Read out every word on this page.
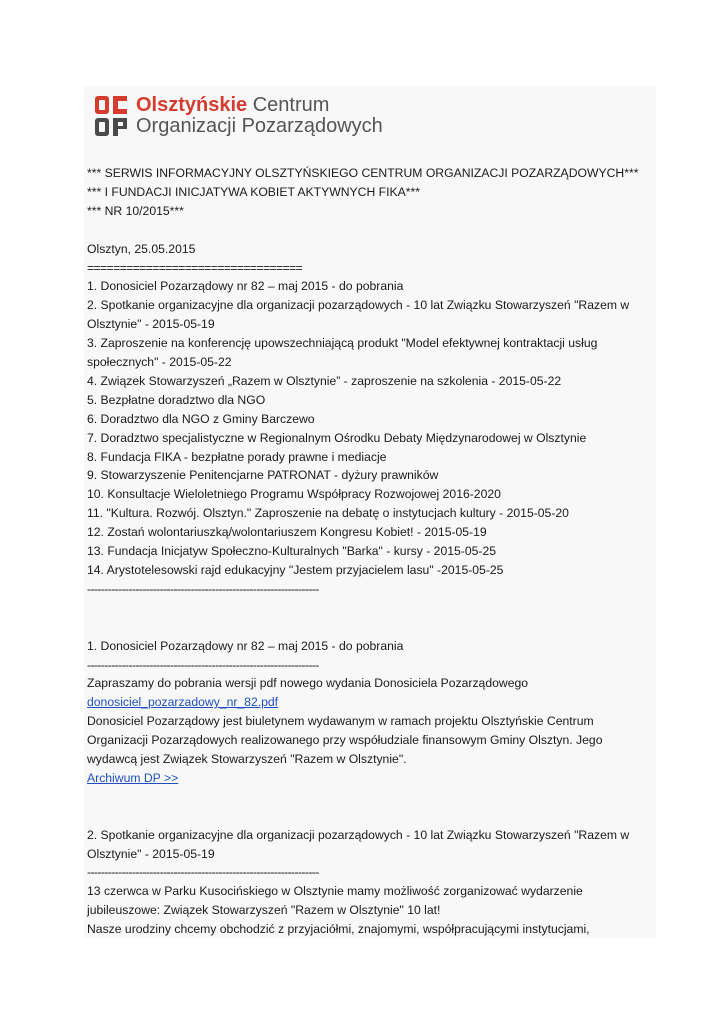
Olsztyńskie Centrum
Organizacji Pozarządowych

*** SERWIS INFORMACYJNY OLSZTYŃSKIEGO CENTRUM ORGANIZACJI POZARZĄDOWYCH***

*** I FUNDACJI INICJATYWA KOBIET AKTYWNYCH FIKA***

*** NR 10/2015***

Olsztyn, 25.05.2015

=================================

1. Donosiciel Pozarządowy nr 82 – maj 2015 - do pobrania

2. Spotkanie organizacyjne dla organizacji pozarządowych - 10 lat Związku Stowarzyszeń "Razem w Olsztynie" - 2015-05-19

3. Zaproszenie na konferencję upowszechniającą produkt "Model efektywnej kontraktacji usług społecznych" - 2015-05-22

4. Związek Stowarzyszeń „Razem w Olsztynie” - zaproszenie na szkolenia - 2015-05-22

5. Bezpłatne doradztwo dla NGO

6. Doradztwo dla NGO z Gminy Barczewo

7. Doradztwo specjalistyczne w Regionalnym Ośrodku Debaty Międzynarodowej w Olsztynie

8. Fundacja FIKA - bezpłatne porady prawne i mediacje

9. Stowarzyszenie Penitencjarne PATRONAT - dyżury prawników

10. Konsultacje Wieloletniego Programu Współpracy Rozwojowej 2016-2020

11. "Kultura. Rozwój. Olsztyn." Zaproszenie na debatę o instytucjach kultury - 2015-05-20

12. Zostań wolontariuszką/wolontariuszem Kongresu Kobiet! - 2015-05-19

13. Fundacja Inicjatyw Społeczno-Kulturalnych "Barka" - kursy - 2015-05-25

14. Arystotelesowski rajd edukacyjny "Jestem przyjacielem lasu" -2015-05-25

-------------------------------------------------------------------

1. Donosiciel Pozarządowy nr 82 – maj 2015 - do pobrania

-------------------------------------------------------------------

Zapraszamy do pobrania wersji pdf nowego wydania Donosiciela Pozarządowego

donosiciel_pozarzadowy_nr_82.pdf

Donosiciel Pozarządowy jest biuletynem wydawanym w ramach projektu Olsztyńskie Centrum Organizacji Pozarządowych realizowanego przy współudziale finansowym Gminy Olsztyn. Jego wydawcą jest Związek Stowarzyszeń "Razem w Olsztynie".

Archiwum DP >>

2. Spotkanie organizacyjne dla organizacji pozarządowych - 10 lat Związku Stowarzyszeń "Razem w Olsztynie" - 2015-05-19

-------------------------------------------------------------------

13 czerwca w Parku Kusocińskiego w Olsztynie mamy możliwość zorganizować wydarzenie jubileuszowe: Związek Stowarzyszeń "Razem w Olsztynie" 10 lat!

Nasze urodziny chcemy obchodzić z przyjaciółmi, znajomymi, współpracującymi instytucjami,
